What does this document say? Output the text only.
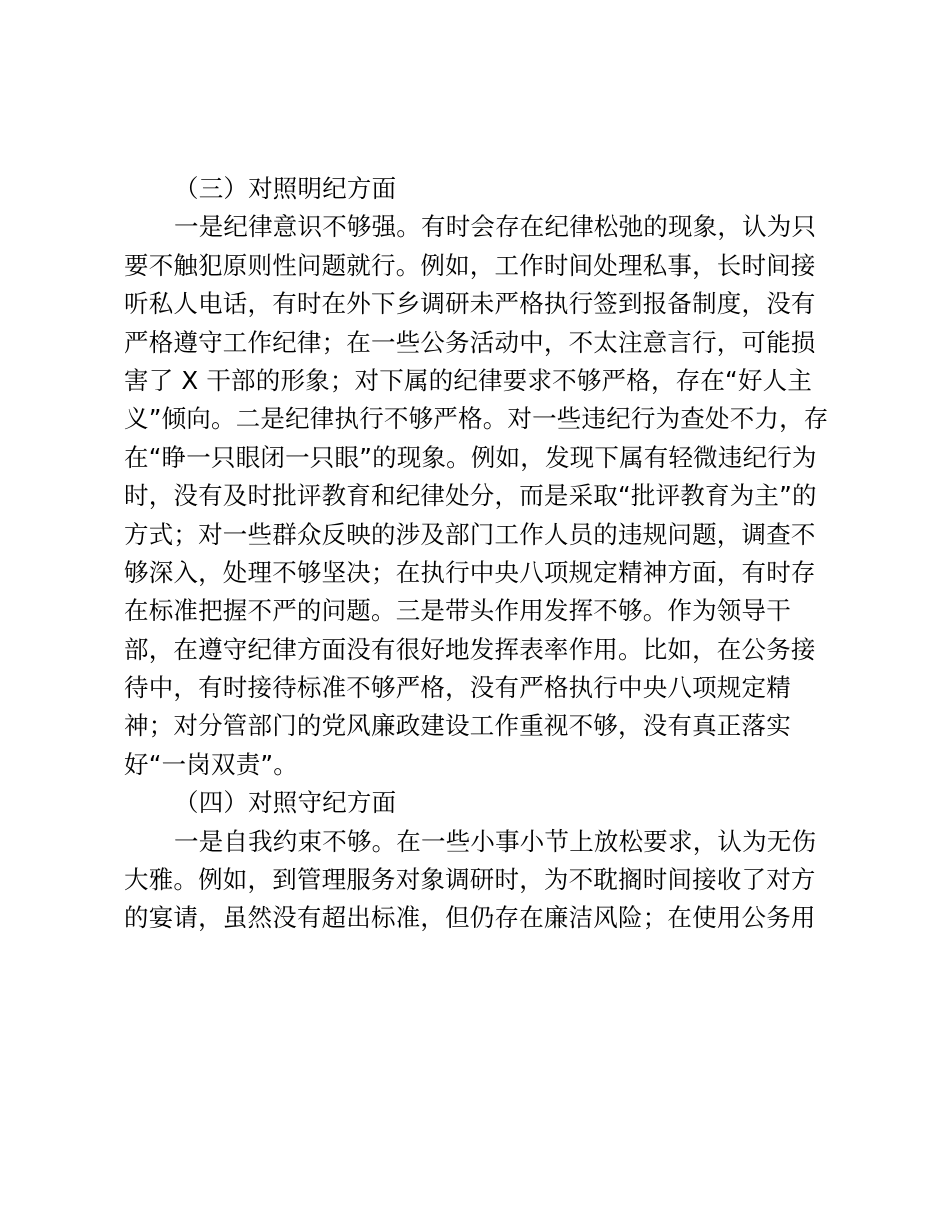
（三）对照明纪方面
一是纪律意识不够强。有时会存在纪律松弛的现象，认为只
要不触犯原则性问题就行。例如，工作时间处理私事，长时间接
听私人电话，有时在外下乡调研未严格执行签到报备制度，没有
严格遵守工作纪律；在一些公务活动中，不太注意言行，可能损
害了 X 干部的形象；对下属的纪律要求不够严格，存在“好人主
义”倾向。二是纪律执行不够严格。对一些违纪行为查处不力，存
在“睁一只眼闭一只眼”的现象。例如，发现下属有轻微违纪行为
时，没有及时批评教育和纪律处分，而是采取“批评教育为主”的
方式；对一些群众反映的涉及部门工作人员的违规问题，调查不
够深入，处理不够坚决；在执行中央八项规定精神方面，有时存
在标准把握不严的问题。三是带头作用发挥不够。作为领导干
部，在遵守纪律方面没有很好地发挥表率作用。比如，在公务接
待中，有时接待标准不够严格，没有严格执行中央八项规定精
神；对分管部门的党风廉政建设工作重视不够，没有真正落实
好“一岗双责”。
（四）对照守纪方面
一是自我约束不够。在一些小事小节上放松要求，认为无伤
大雅。例如，到管理服务对象调研时，为不耽搁时间接收了对方
的宴请，虽然没有超出标准，但仍存在廉洁风险；在使用公务用
